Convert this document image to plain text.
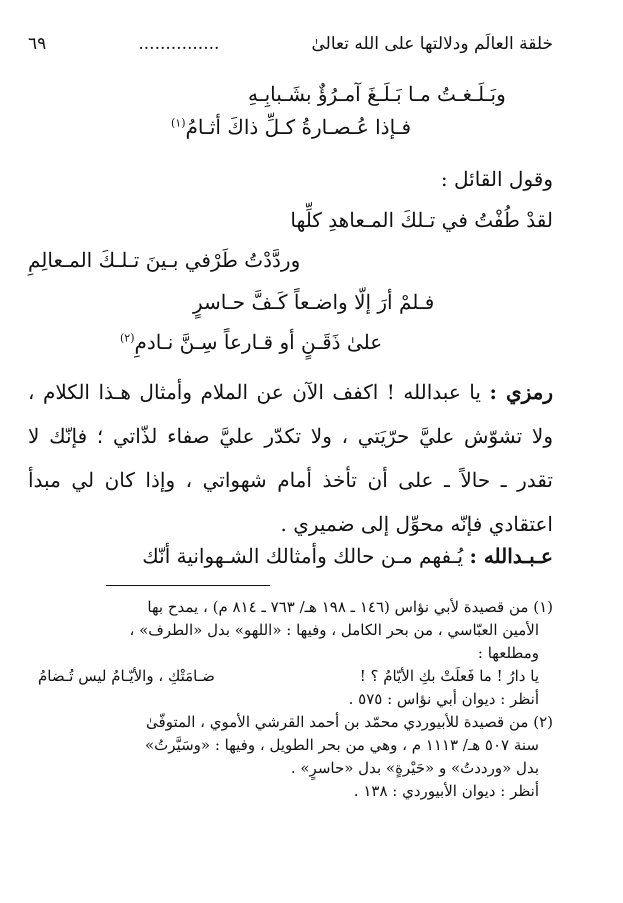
خلقة العالَم ودلالتها على الله تعالىٰ
...............
٦٩
وبَـلَـغـتُ مـا بَـلَـغَ آمـرُؤٌ بشَـبابِـهِ
فـإذا عُـصـارةُ كـلِّ ذاكَ أثـامُ$^{(١)}$
وقول القائل :
لقدْ طُفْتُ في تـلكَ المـعاهدِ كلِّها
وردَّدْتُ طَرْفي بـينَ تـلـكَ المـعالِمِ
فـلمْ أرَ إلّا واضـعاً كَـفَّ حـاسرٍ
علىٰ ذَقَـنٍ أو قـارعاً سِـنَّ نـادمِ$^{(٢)}$
رمزي : يا عبدالله ! اكفف الآن عن الملام وأمثال هـذا الكلام ، ولا تشوّش عليَّ حرّيَتي ، ولا تكدّر عليَّ صفاء لذّاتي ؛ فإنّك لا تقدر ـ حالاً ـ على أن تأخذ أمام شهواتي ، وإذا كان لي مبدأ اعتقادي فإنّه محوِّل إلى ضميري .
عـبـدالله : يُـفهم مـن حالك وأمثالك الشـهوانية أنّك
(١) من قصيدة لأبي نؤاس (١٤٦ ـ ١٩٨ هـ/ ٧٦٣ ـ ٨١٤ م) ، يمدح بها
الأمين العبّاسي ، من بحر الكامل ، وفيها : «اللهو» بدل «الطرف» ،
ومطلعها :
يا دارُ ! ما فَعلَتْ بكِ الأيّامُ ؟ !
ضـامَتْكِ ، والأيّـامُ ليس تُـضامُ
أنظر : ديوان أبي نؤاس : ٥٧٥ .
(٢) من قصيدة للأبيوردي محمّد بن أحمد القرشي الأموي ، المتوفّىٰ
سنة ٥٠٧ هـ/ ١١١٣ م ، وهي من بحر الطويل ، وفيها : «وسَيَّرتُ»
بدل «ورددتُ» و «حَيْرةٍ» بدل «حاسرٍ» .
أنظر : ديوان الأبيوردي : ١٣٨ .
